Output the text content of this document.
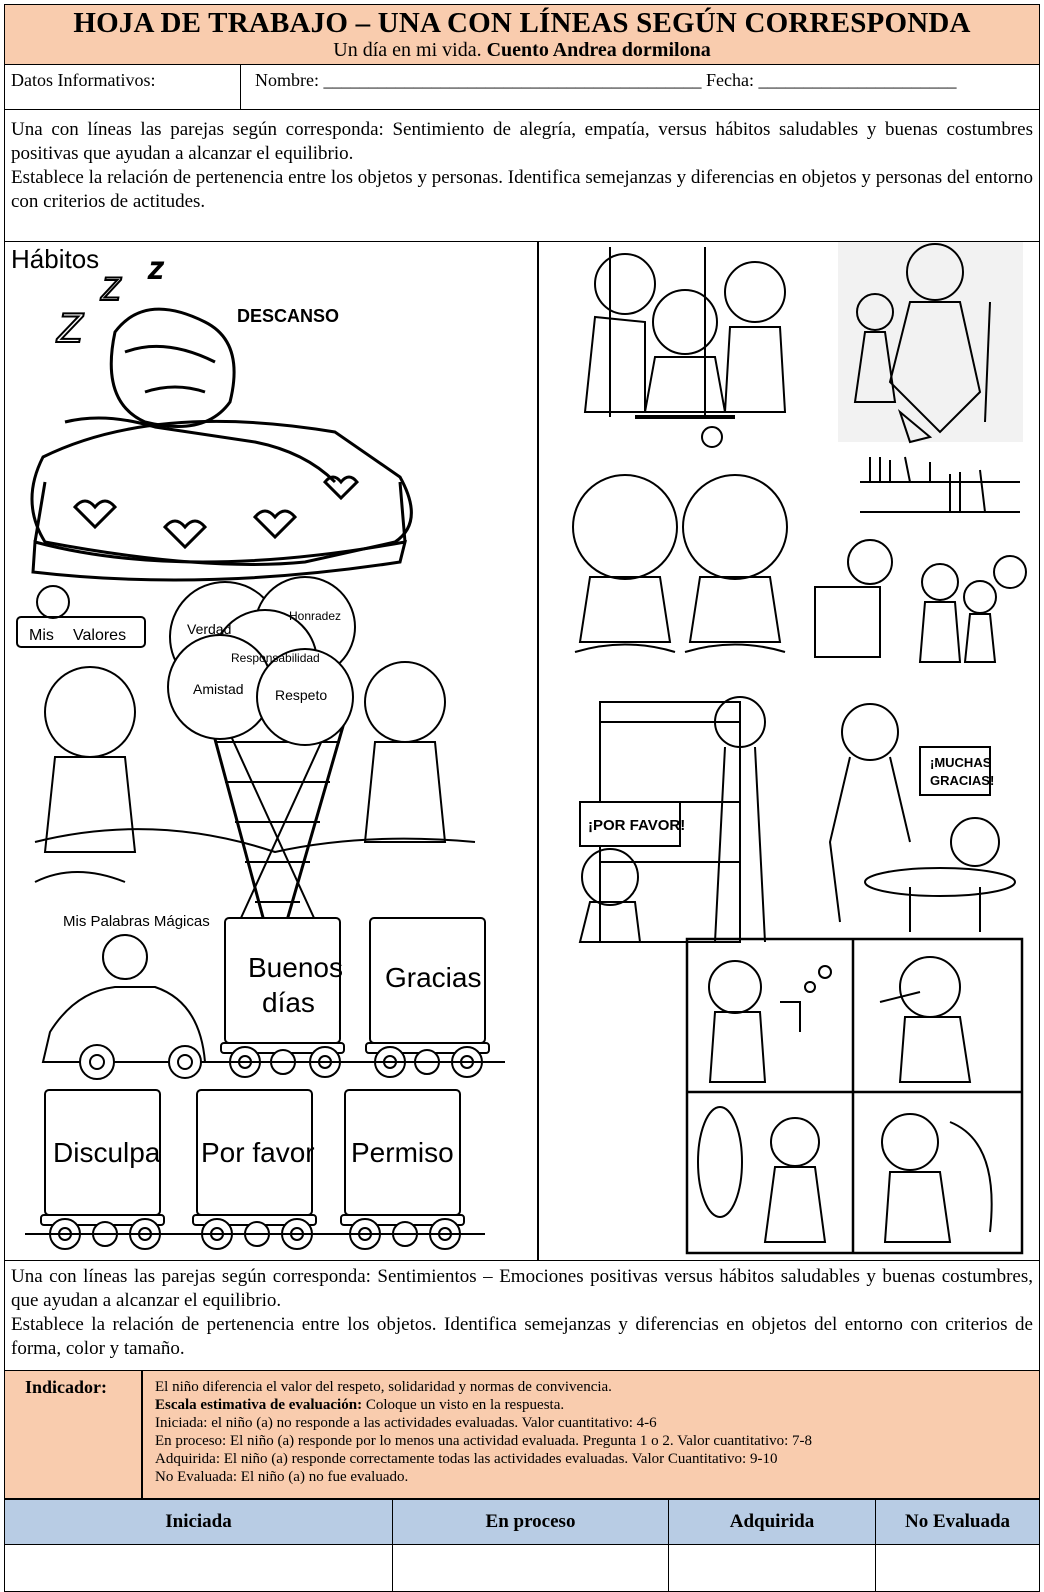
HOJA DE TRABAJO – UNA CON LÍNEAS SEGÚN CORRESPONDA
Un día en mi vida. Cuento Andrea dormilona
Datos Informativos:	Nombre: __________________________________________ Fecha: ______________________
Una con líneas las parejas según corresponda: Sentimiento de alegría, empatía, versus hábitos saludables y buenas costumbres positivas que ayudan a alcanzar el equilibrio.
Establece la relación de pertenencia entre los objetos y personas. Identifica semejanzas y diferencias en objetos y personas del entorno con criterios de actitudes.
Hábitos
Z
Z
Z
DESCANSO
Mis Valores	Verdad
Honradez
Responsabilidad
Amistad Respeto
Mis Palabras Mágicas
Buenos
días
Gracias
Disculpa Por favor Permiso
¡POR FAVOR!
¡MUCHAS
GRACIAS!
Una con líneas las parejas según corresponda: Sentimientos – Emociones positivas versus hábitos saludables y buenas costumbres, que ayudan a alcanzar el equilibrio.
Establece la relación de pertenencia entre los objetos. Identifica semejanzas y diferencias en objetos del entorno con criterios de forma, color y tamaño.
Indicador:	El niño diferencia el valor del respeto, solidaridad y normas de convivencia.
Escala estimativa de evaluación: Coloque un visto en la respuesta.
Iniciada: el niño (a) no responde a las actividades evaluadas. Valor cuantitativo: 4-6
En proceso: El niño (a) responde por lo menos una actividad evaluada. Pregunta 1 o 2. Valor cuantitativo: 7-8
Adquirida: El niño (a) responde correctamente todas las actividades evaluadas. Valor Cuantitativo: 9-10
No Evaluada: El niño (a) no fue evaluado.
Iniciada	En proceso	Adquirida	No Evaluada
